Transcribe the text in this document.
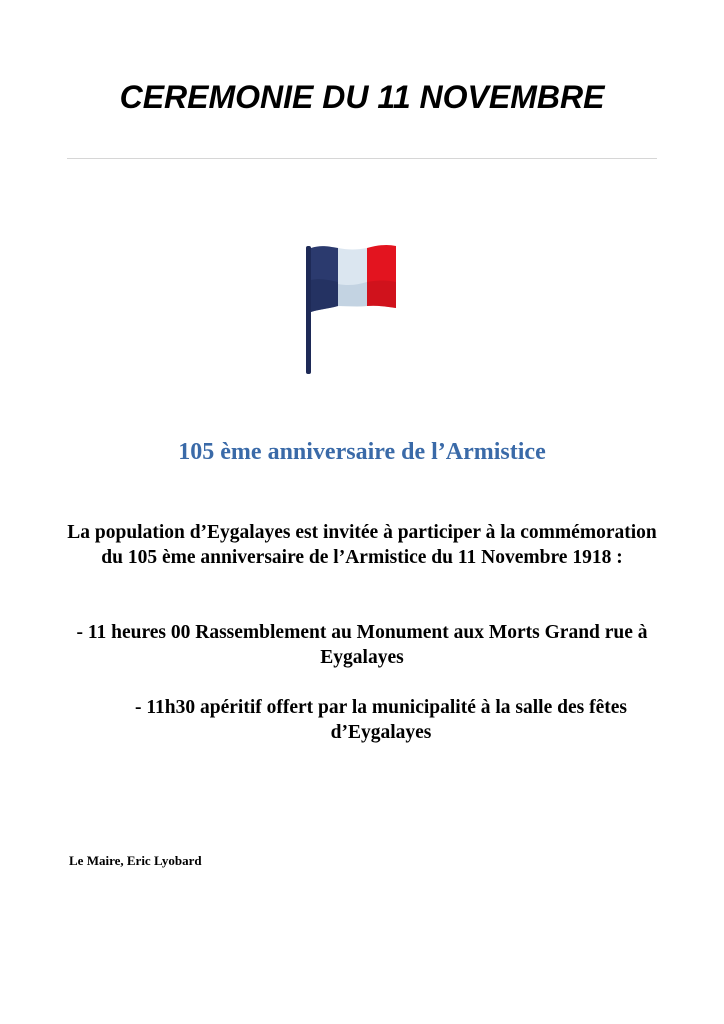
CEREMONIE DU 11 NOVEMBRE
105 ème anniversaire de l’Armistice
La population d’Eygalayes est invitée à participer à la commémoration du 105 ème anniversaire de l’Armistice du 11 Novembre 1918 :
- 11 heures 00 Rassemblement au Monument aux Morts Grand rue à Eygalayes
- 11h30 apéritif offert par la municipalité à la salle des fêtes d’Eygalayes
Le Maire, Eric Lyobard
